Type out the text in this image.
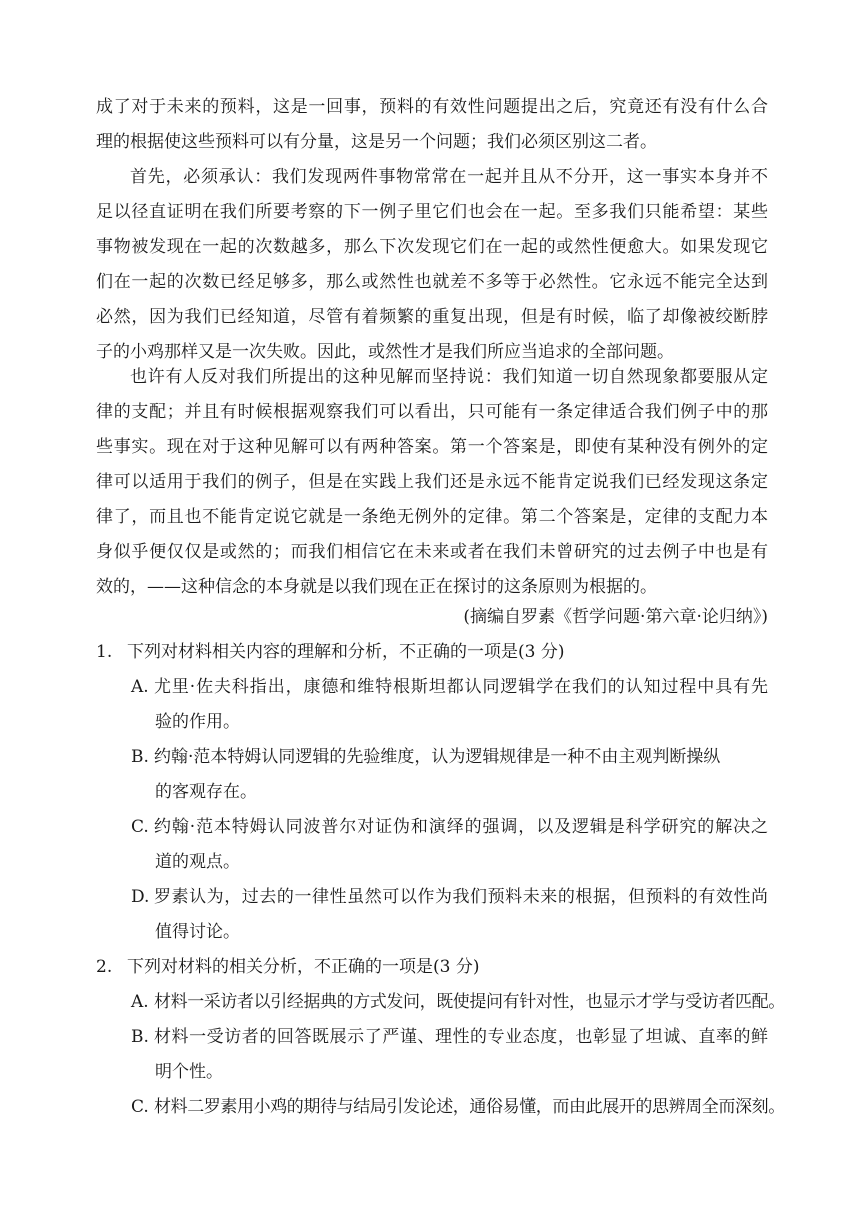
成了对于未来的预料，这是一回事，预料的有效性问题提出之后，究竟还有没有什么合
理的根据使这些预料可以有分量，这是另一个问题；我们必须区别这二者。
首先，必须承认：我们发现两件事物常常在一起并且从不分开，这一事实本身并不
足以径直证明在我们所要考察的下一例子里它们也会在一起。至多我们只能希望：某些
事物被发现在一起的次数越多，那么下次发现它们在一起的或然性便愈大。如果发现它
们在一起的次数已经足够多，那么或然性也就差不多等于必然性。它永远不能完全达到
必然，因为我们已经知道，尽管有着频繁的重复出现，但是有时候，临了却像被绞断脖
子的小鸡那样又是一次失败。因此，或然性才是我们所应当追求的全部问题。
也许有人反对我们所提出的这种见解而坚持说：我们知道一切自然现象都要服从定
律的支配；并且有时候根据观察我们可以看出，只可能有一条定律适合我们例子中的那
些事实。现在对于这种见解可以有两种答案。第一个答案是，即使有某种没有例外的定
律可以适用于我们的例子，但是在实践上我们还是永远不能肯定说我们已经发现这条定
律了，而且也不能肯定说它就是一条绝无例外的定律。第二个答案是，定律的支配力本
身似乎便仅仅是或然的；而我们相信它在未来或者在我们未曾研究的过去例子中也是有
效的，——这种信念的本身就是以我们现在正在探讨的这条原则为根据的。
(摘编自罗素《哲学问题·第六章·论归纳》)
1. 下列对材料相关内容的理解和分析，不正确的一项是(3 分)
A. 尤里·佐夫科指出，康德和维特根斯坦都认同逻辑学在我们的认知过程中具有先
验的作用。
B. 约翰·范本特姆认同逻辑的先验维度，认为逻辑规律是一种不由主观判断操纵
的客观存在。
C. 约翰·范本特姆认同波普尔对证伪和演绎的强调，以及逻辑是科学研究的解决之
道的观点。
D. 罗素认为，过去的一律性虽然可以作为我们预料未来的根据，但预料的有效性尚
值得讨论。
2. 下列对材料的相关分析，不正确的一项是(3 分)
A. 材料一采访者以引经据典的方式发问，既使提问有针对性，也显示才学与受访者匹配。
B. 材料一受访者的回答既展示了严谨、理性的专业态度，也彰显了坦诚、直率的鲜
明个性。
C. 材料二罗素用小鸡的期待与结局引发论述，通俗易懂，而由此展开的思辨周全而深刻。
